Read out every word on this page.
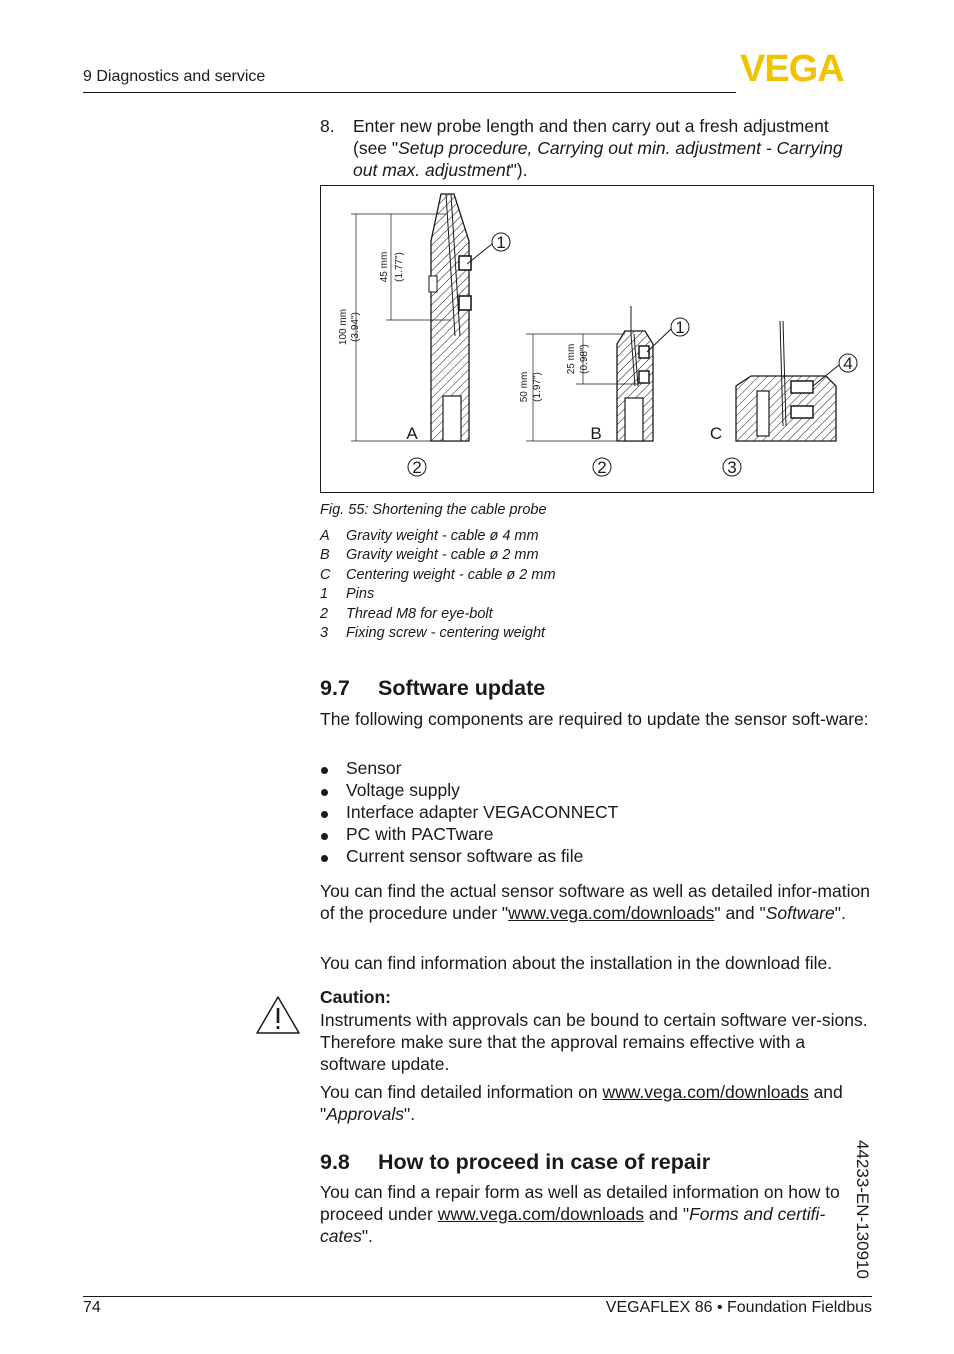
9 Diagnostics and service	VEGA
8. Enter new probe length and then carry out a fresh adjustment (see "Setup procedure, Carrying out min. adjustment - Carrying out max. adjustment").
1
1
4
2	2	3
A	B	C
100 mm (3.94")
45 mm (1.77")
50 mm (1.97")
25 mm (0.98")
Fig. 55: Shortening the cable probe
A Gravity weight - cable ø 4 mm
B Gravity weight - cable ø 2 mm
C Centering weight - cable ø 2 mm
1 Pins
2 Thread M8 for eye-bolt
3 Fixing screw - centering weight
9.7 Software update
The following components are required to update the sensor soft-ware:
Sensor
Voltage supply
Interface adapter VEGACONNECT
PC with PACTware
Current sensor software as file
You can find the actual sensor software as well as detailed infor-mation of the procedure under "www.vega.com/downloads" and "Software".
You can find information about the installation in the download file.
Caution:
Instruments with approvals can be bound to certain software ver-sions. Therefore make sure that the approval remains effective with a software update.
You can find detailed information on www.vega.com/downloads and "Approvals".
9.8 How to proceed in case of repair
You can find a repair form as well as detailed information on how to proceed under www.vega.com/downloads and "Forms and certifi-cates".	44233-EN-130910
74	VEGAFLEX 86 • Foundation Fieldbus
